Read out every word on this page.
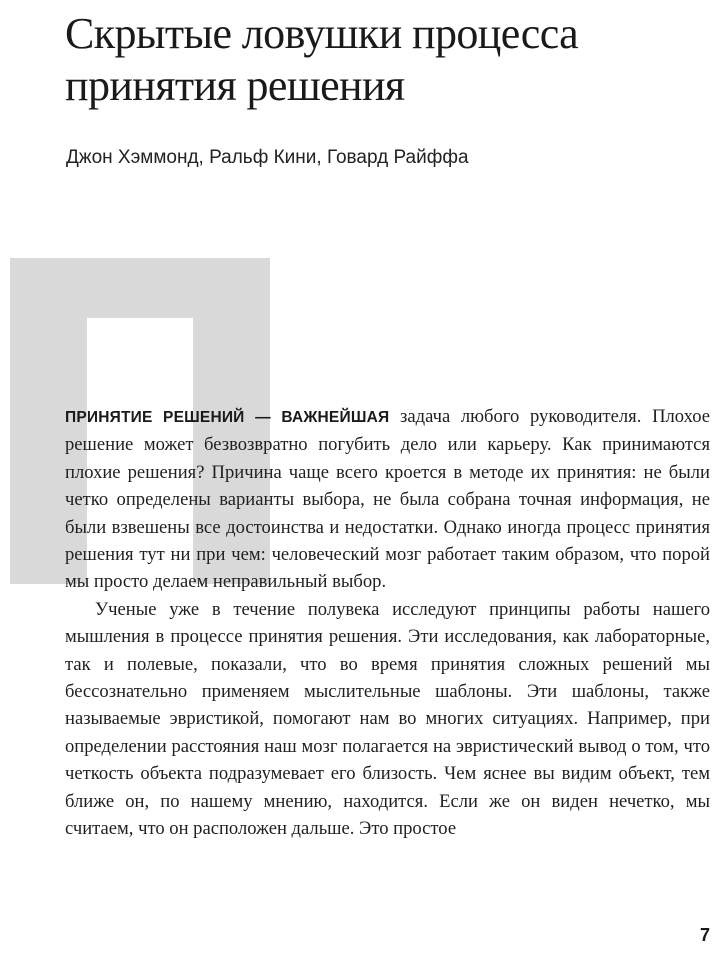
Скрытые ловушки процесса принятия решения

Джон Хэммонд, Ральф Кини, Говард Райффа

ПРИНЯТИЕ РЕШЕНИЙ — ВАЖНЕЙШАЯ задача любого руководителя. Плохое решение может безвозвратно погубить дело или карьеру. Как принимаются плохие решения? Причина чаще всего кроется в методе их принятия: не были четко определены варианты выбора, не была собрана точная информация, не были взвешены все достоинства и недостатки. Однако иногда процесс принятия решения тут ни при чем: человеческий мозг работает таким образом, что порой мы просто делаем неправильный выбор.

Ученые уже в течение полувека исследуют принципы работы нашего мышления в процессе принятия решения. Эти исследования, как лабораторные, так и полевые, показали, что во время принятия сложных решений мы бессознательно применяем мыслительные шаблоны. Эти шаблоны, также называемые эвристикой, помогают нам во многих ситуациях. Например, при определении расстояния наш мозг полагается на эвристический вывод о том, что четкость объекта подразумевает его близость. Чем яснее вы видим объект, тем ближе он, по нашему мнению, находится. Если же он виден нечетко, мы считаем, что он расположен дальше. Это простое

7
